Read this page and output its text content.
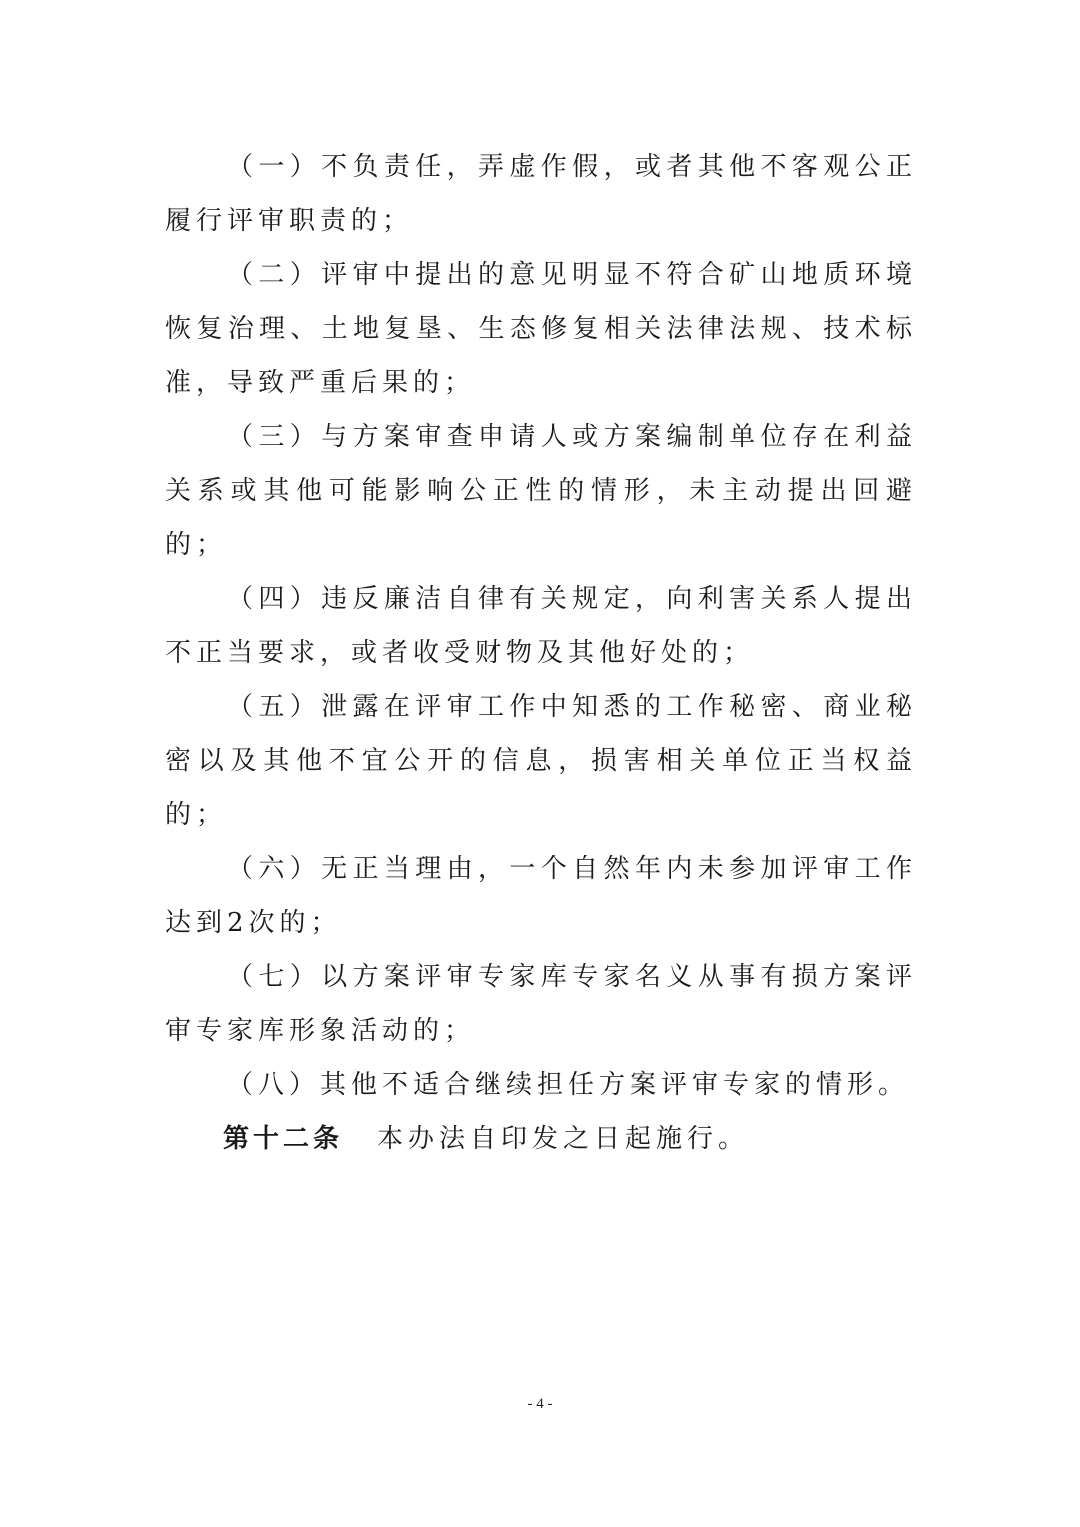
（一）不负责任，弄虚作假，或者其他不客观公正履行评审职责的；

（二）评审中提出的意见明显不符合矿山地质环境恢复治理、土地复垦、生态修复相关法律法规、技术标准，导致严重后果的；

（三）与方案审查申请人或方案编制单位存在利益关系或其他可能影响公正性的情形，未主动提出回避的；

（四）违反廉洁自律有关规定，向利害关系人提出不正当要求，或者收受财物及其他好处的；

（五）泄露在评审工作中知悉的工作秘密、商业秘密以及其他不宜公开的信息，损害相关单位正当权益的；

（六）无正当理由，一个自然年内未参加评审工作达到2次的；

（七）以方案评审专家库专家名义从事有损方案评审专家库形象活动的；

（八）其他不适合继续担任方案评审专家的情形。

第十二条 本办法自印发之日起施行。

- 4 -
